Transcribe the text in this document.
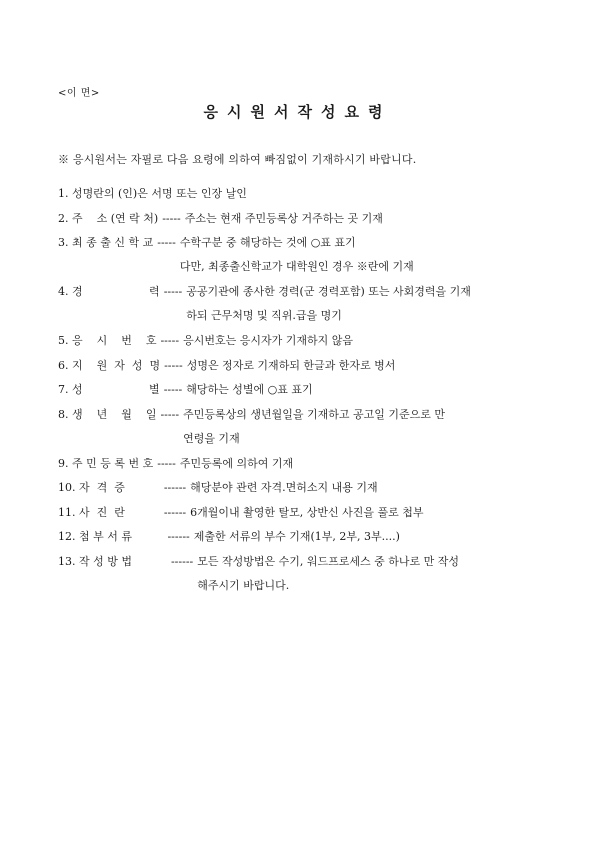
<이 면>
응시원서작성요령
※ 응시원서는 자필로 다음 요령에 의하여 빠짐없이 기재하시기 바랍니다.
1. 성명란의 (인)은 서명 또는 인장 날인
2. 주    소 (연 락 처) ----- 주소는 현재 주민등록상 거주하는 곳 기재
3. 최 종 출 신 학 교 ----- 수학구분 중 해당하는 것에 ○표 표기
다만, 최종출신학교가 대학원인 경우 ※란에 기재
4. 경                   력 ----- 공공기관에 종사한 경력(군 경력포함) 또는 사회경력을 기재
하되 근무처명 및 직위.급을 명기
5. 응    시    번    호 ----- 응시번호는 응시자가 기재하지 않음
6. 지    원  자  성  명 ----- 성명은 정자로 기재하되 한글과 한자로 병서
7. 성                   별 ----- 해당하는 성별에 ○표 표기
8. 생    년    월    일 ----- 주민등록상의 생년월일을 기재하고 공고일 기준으로 만
연령을 기재
9. 주 민 등 록 번 호 ----- 주민등록에 의하여 기재
10. 자  격  증 ------ 해당분야 관련 자격.면허소지 내용 기재
11. 사  진  란 ------ 6개월이내 촬영한 탈모, 상반신 사진을 풀로 첩부
12. 첨 부 서 류 ------ 제출한 서류의 부수 기재(1부, 2부, 3부....)
13. 작 성 방 법 ------ 모든 작성방법은 수기, 워드프로세스 중 하나로 만 작성
해주시기 바랍니다.
